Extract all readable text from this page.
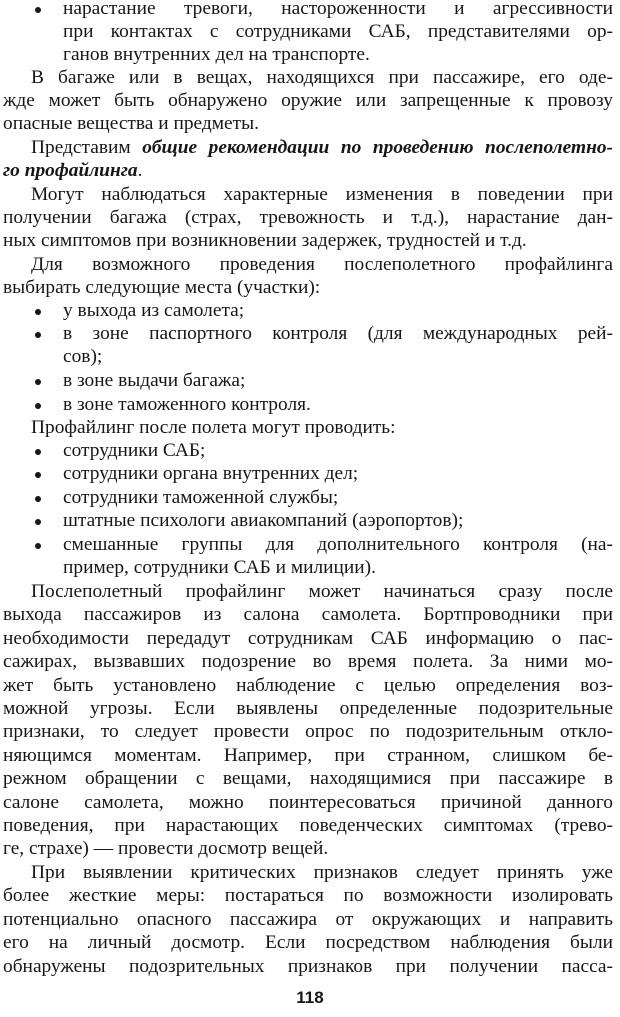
нарастание тревоги, настороженности и агрессивности
при контактах с сотрудниками САБ, представителями ор-
ганов внутренних дел на транспорте.
В багаже или в вещах, находящихся при пассажире, его оде-
жде может быть обнаружено оружие или запрещенные к провозу
опасные вещества и предметы.
Представим общие рекомендации по проведению послеполетно-
го профайлинга.
Могут наблюдаться характерные изменения в поведении при
получении багажа (страх, тревожность и т.д.), нарастание дан-
ных симптомов при возникновении задержек, трудностей и т.д.
Для возможного проведения послеполетного профайлинга
выбирать следующие места (участки):
у выхода из самолета;
в зоне паспортного контроля (для международных рей-
сов);
в зоне выдачи багажа;
в зоне таможенного контроля.
Профайлинг после полета могут проводить:
сотрудники САБ;
сотрудники органа внутренних дел;
сотрудники таможенной службы;
штатные психологи авиакомпаний (аэропортов);
смешанные группы для дополнительного контроля (на-
пример, сотрудники САБ и милиции).
Послеполетный профайлинг может начинаться сразу после
выхода пассажиров из салона самолета. Бортпроводники при
необходимости передадут сотрудникам САБ информацию о пас-
сажирах, вызвавших подозрение во время полета. За ними мо-
жет быть установлено наблюдение с целью определения воз-
можной угрозы. Если выявлены определенные подозрительные
признаки, то следует провести опрос по подозрительным откло-
няющимся моментам. Например, при странном, слишком бе-
режном обращении с вещами, находящимися при пассажире в
салоне самолета, можно поинтересоваться причиной данного
поведения, при нарастающих поведенческих симптомах (трево-
ге, страхе) — провести досмотр вещей.
При выявлении критических признаков следует принять уже
более жесткие меры: постараться по возможности изолировать
потенциально опасного пассажира от окружающих и направить
его на личный досмотр. Если посредством наблюдения были
обнаружены подозрительных признаков при получении пасса-
118
